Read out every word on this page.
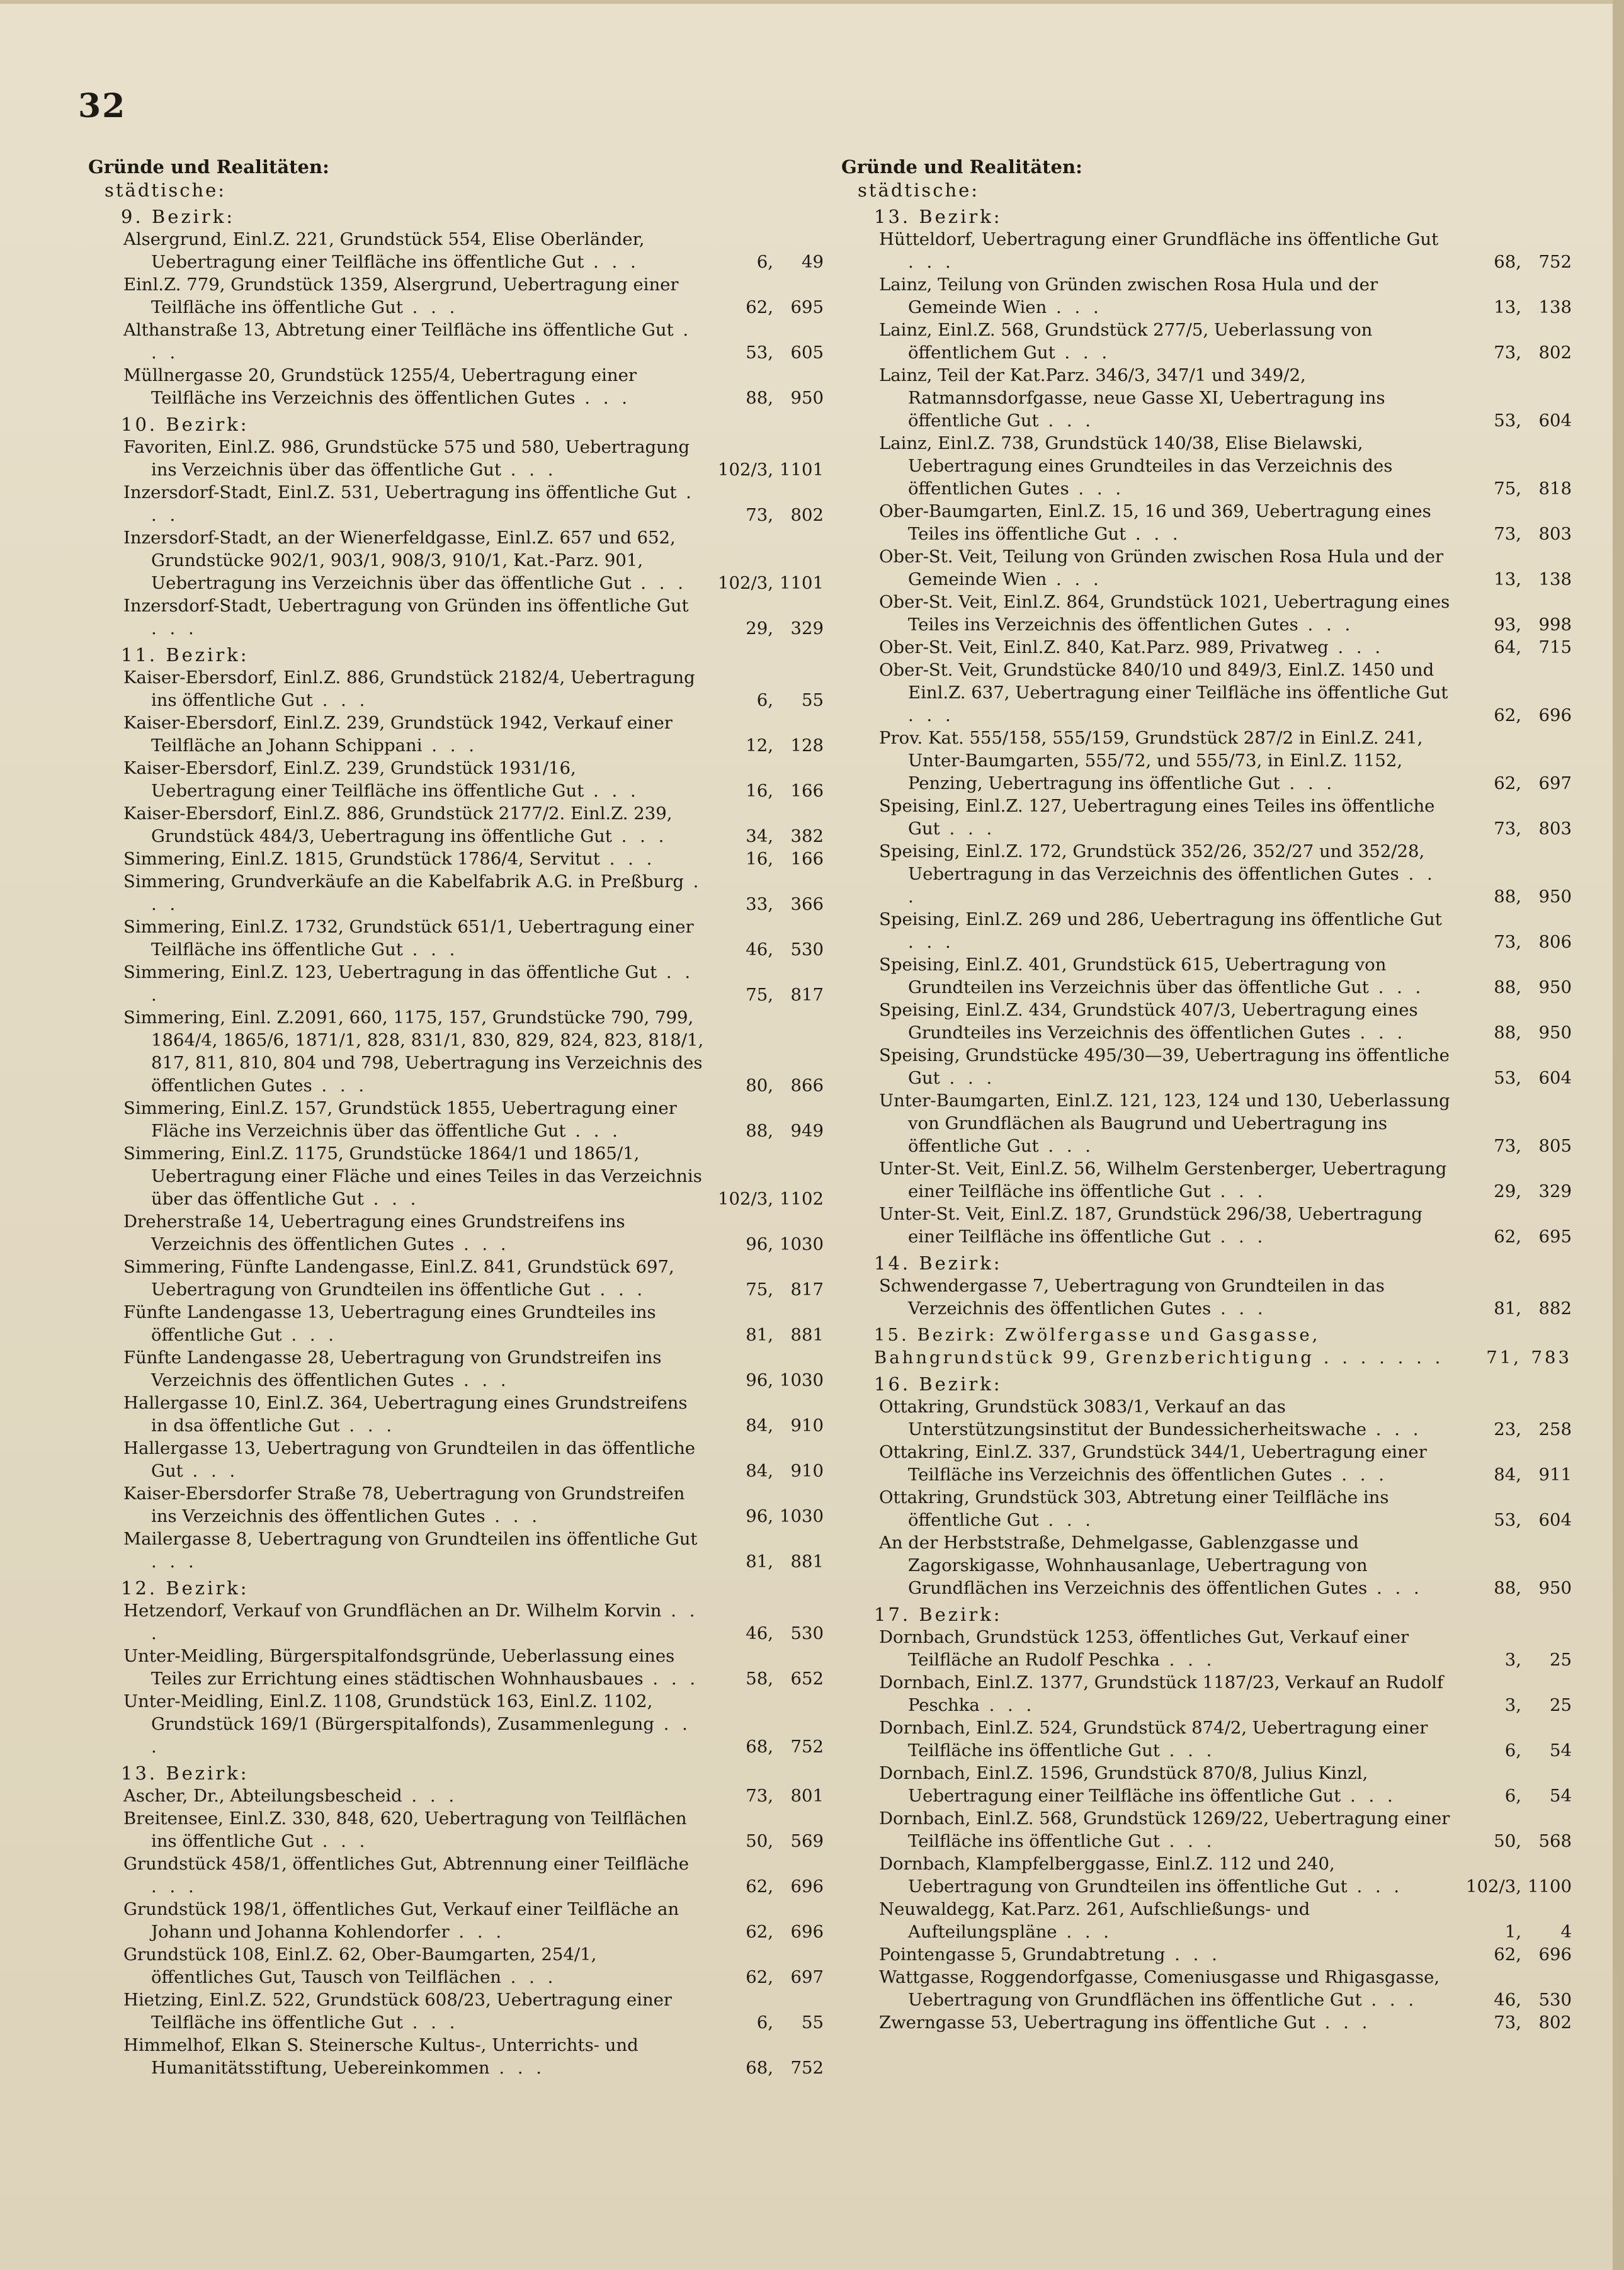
32
Gründe und Realitäten:
städtische:
9. Bezirk:
Alsergrund, Einl.Z. 221, Grundstück 554, Elise Oberländer, Uebertragung einer Teilfläche ins öffentliche Gut . . .	6, 49
Einl.Z. 779, Grundstück 1359, Alsergrund, Uebertragung einer Teilfläche ins öffentliche Gut . . .	62, 695
Althanstraße 13, Abtretung einer Teilfläche ins öffentliche Gut . . .	53, 605
Müllnergasse 20, Grundstück 1255/4, Uebertragung einer Teilfläche ins Verzeichnis des öffentlichen Gutes . . .	88, 950
10. Bezirk:
Favoriten, Einl.Z. 986, Grundstücke 575 und 580, Uebertragung ins Verzeichnis über das öffentliche Gut . . .	102/3, 1101
Inzersdorf-Stadt, Einl.Z. 531, Uebertragung ins öffentliche Gut . . .	73, 802
Inzersdorf-Stadt, an der Wienerfeldgasse, Einl.Z. 657 und 652, Grundstücke 902/1, 903/1, 908/3, 910/1, Kat.-Parz. 901, Uebertragung ins Verzeichnis über das öffentliche Gut . . .	102/3, 1101
Inzersdorf-Stadt, Uebertragung von Gründen ins öffentliche Gut . . .	29, 329
11. Bezirk:
Kaiser-Ebersdorf, Einl.Z. 886, Grundstück 2182/4, Uebertragung ins öffentliche Gut . . .	6, 55
Kaiser-Ebersdorf, Einl.Z. 239, Grundstück 1942, Verkauf einer Teilfläche an Johann Schippani . . .	12, 128
Kaiser-Ebersdorf, Einl.Z. 239, Grundstück 1931/16, Uebertragung einer Teilfläche ins öffentliche Gut . . .	16, 166
Kaiser-Ebersdorf, Einl.Z. 886, Grundstück 2177/2. Einl.Z. 239, Grundstück 484/3, Uebertragung ins öffentliche Gut . . .	34, 382
Simmering, Einl.Z. 1815, Grundstück 1786/4, Servitut . . .	16, 166
Simmering, Grundverkäufe an die Kabelfabrik A.G. in Preßburg . . .	33, 366
Simmering, Einl.Z. 1732, Grundstück 651/1, Uebertragung einer Teilfläche ins öffentliche Gut . . .	46, 530
Simmering, Einl.Z. 123, Uebertragung in das öffentliche Gut . . .	75, 817
Simmering, Einl. Z.2091, 660, 1175, 157, Grundstücke 790, 799, 1864/4, 1865/6, 1871/1, 828, 831/1, 830, 829, 824, 823, 818/1, 817, 811, 810, 804 und 798, Uebertragung ins Verzeichnis des öffentlichen Gutes . . .	80, 866
Simmering, Einl.Z. 157, Grundstück 1855, Uebertragung einer Fläche ins Verzeichnis über das öffentliche Gut . . .	88, 949
Simmering, Einl.Z. 1175, Grundstücke 1864/1 und 1865/1, Uebertragung einer Fläche und eines Teiles in das Verzeichnis über das öffentliche Gut . . .	102/3, 1102
Dreherstraße 14, Uebertragung eines Grundstreifens ins Verzeichnis des öffentlichen Gutes . . .	96, 1030
Simmering, Fünfte Landengasse, Einl.Z. 841, Grundstück 697, Uebertragung von Grundteilen ins öffentliche Gut . . .	75, 817
Fünfte Landengasse 13, Uebertragung eines Grundteiles ins öffentliche Gut . . .	81, 881
Fünfte Landengasse 28, Uebertragung von Grundstreifen ins Verzeichnis des öffentlichen Gutes . . .	96, 1030
Hallergasse 10, Einl.Z. 364, Uebertragung eines Grundstreifens in dsa öffentliche Gut . . .	84, 910
Hallergasse 13, Uebertragung von Grundteilen in das öffentliche Gut . . .	84, 910
Kaiser-Ebersdorfer Straße 78, Uebertragung von Grundstreifen ins Verzeichnis des öffentlichen Gutes . . .	96, 1030
Mailergasse 8, Uebertragung von Grundteilen ins öffentliche Gut . . .	81, 881
12. Bezirk:
Hetzendorf, Verkauf von Grundflächen an Dr. Wilhelm Korvin . . .	46, 530
Unter-Meidling, Bürgerspitalfondsgründe, Ueberlassung eines Teiles zur Errichtung eines städtischen Wohnhausbaues . . .	58, 652
Unter-Meidling, Einl.Z. 1108, Grundstück 163, Einl.Z. 1102, Grundstück 169/1 (Bürgerspitalfonds), Zusammenlegung . . .	68, 752
13. Bezirk:
Ascher, Dr., Abteilungsbescheid . . .	73, 801
Breitensee, Einl.Z. 330, 848, 620, Uebertragung von Teilflächen ins öffentliche Gut . . .	50, 569
Grundstück 458/1, öffentliches Gut, Abtrennung einer Teilfläche . . .	62, 696
Grundstück 198/1, öffentliches Gut, Verkauf einer Teilfläche an Johann und Johanna Kohlendorfer . . .	62, 696
Grundstück 108, Einl.Z. 62, Ober-Baumgarten, 254/1, öffentliches Gut, Tausch von Teilflächen . . .	62, 697
Hietzing, Einl.Z. 522, Grundstück 608/23, Uebertragung einer Teilfläche ins öffentliche Gut . . .	6, 55
Himmelhof, Elkan S. Steinersche Kultus-, Unterrichts- und Humanitätsstiftung, Uebereinkommen . . .	68, 752
Gründe und Realitäten:
städtische:
13. Bezirk:
Hütteldorf, Uebertragung einer Grundfläche ins öffentliche Gut . . .	68, 752
Lainz, Teilung von Gründen zwischen Rosa Hula und der Gemeinde Wien . . .	13, 138
Lainz, Einl.Z. 568, Grundstück 277/5, Ueberlassung von öffentlichem Gut . . .	73, 802
Lainz, Teil der Kat.Parz. 346/3, 347/1 und 349/2, Ratmannsdorfgasse, neue Gasse XI, Uebertragung ins öffentliche Gut . . .	53, 604
Lainz, Einl.Z. 738, Grundstück 140/38, Elise Bielawski, Uebertragung eines Grundteiles in das Verzeichnis des öffentlichen Gutes . . .	75, 818
Ober-Baumgarten, Einl.Z. 15, 16 und 369, Uebertragung eines Teiles ins öffentliche Gut . . .	73, 803
Ober-St. Veit, Teilung von Gründen zwischen Rosa Hula und der Gemeinde Wien . . .	13, 138
Ober-St. Veit, Einl.Z. 864, Grundstück 1021, Uebertragung eines Teiles ins Verzeichnis des öffentlichen Gutes . . .	93, 998
Ober-St. Veit, Einl.Z. 840, Kat.Parz. 989, Privatweg . . .	64, 715
Ober-St. Veit, Grundstücke 840/10 und 849/3, Einl.Z. 1450 und Einl.Z. 637, Uebertragung einer Teilfläche ins öffentliche Gut . . .	62, 696
Prov. Kat. 555/158, 555/159, Grundstück 287/2 in Einl.Z. 241, Unter-Baumgarten, 555/72, und 555/73, in Einl.Z. 1152, Penzing, Uebertragung ins öffentliche Gut . . .	62, 697
Speising, Einl.Z. 127, Uebertragung eines Teiles ins öffentliche Gut . . .	73, 803
Speising, Einl.Z. 172, Grundstück 352/26, 352/27 und 352/28, Uebertragung in das Verzeichnis des öffentlichen Gutes . . .	88, 950
Speising, Einl.Z. 269 und 286, Uebertragung ins öffentliche Gut . . .	73, 806
Speising, Einl.Z. 401, Grundstück 615, Uebertragung von Grundteilen ins Verzeichnis über das öffentliche Gut . . .	88, 950
Speising, Einl.Z. 434, Grundstück 407/3, Uebertragung eines Grundteiles ins Verzeichnis des öffentlichen Gutes . . .	88, 950
Speising, Grundstücke 495/30—39, Uebertragung ins öffentliche Gut . . .	53, 604
Unter-Baumgarten, Einl.Z. 121, 123, 124 und 130, Ueberlassung von Grundflächen als Baugrund und Uebertragung ins öffentliche Gut . . .	73, 805
Unter-St. Veit, Einl.Z. 56, Wilhelm Gerstenberger, Uebertragung einer Teilfläche ins öffentliche Gut . . .	29, 329
Unter-St. Veit, Einl.Z. 187, Grundstück 296/38, Uebertragung einer Teilfläche ins öffentliche Gut . . .	62, 695
14. Bezirk:
Schwendergasse 7, Uebertragung von Grundteilen in das Verzeichnis des öffentlichen Gutes . . .	81, 882
15. Bezirk: Zwölfergasse und Gasgasse, Bahngrundstück 99, Grenzberichtigung . . . . . . .	71, 783
16. Bezirk:
Ottakring, Grundstück 3083/1, Verkauf an das Unterstützungsinstitut der Bundessicherheitswache . . .	23, 258
Ottakring, Einl.Z. 337, Grundstück 344/1, Uebertragung einer Teilfläche ins Verzeichnis des öffentlichen Gutes . . .	84, 911
Ottakring, Grundstück 303, Abtretung einer Teilfläche ins öffentliche Gut . . .	53, 604
An der Herbststraße, Dehmelgasse, Gablenzgasse und Zagorskigasse, Wohnhausanlage, Uebertragung von Grundflächen ins Verzeichnis des öffentlichen Gutes . . .	88, 950
17. Bezirk:
Dornbach, Grundstück 1253, öffentliches Gut, Verkauf einer Teilfläche an Rudolf Peschka . . .	3, 25
Dornbach, Einl.Z. 1377, Grundstück 1187/23, Verkauf an Rudolf Peschka . . .	3, 25
Dornbach, Einl.Z. 524, Grundstück 874/2, Uebertragung einer Teilfläche ins öffentliche Gut . . .	6, 54
Dornbach, Einl.Z. 1596, Grundstück 870/8, Julius Kinzl, Uebertragung einer Teilfläche ins öffentliche Gut . . .	6, 54
Dornbach, Einl.Z. 568, Grundstück 1269/22, Uebertragung einer Teilfläche ins öffentliche Gut . . .	50, 568
Dornbach, Klampfelberggasse, Einl.Z. 112 und 240, Uebertragung von Grundteilen ins öffentliche Gut . . .	102/3, 1100
Neuwaldegg, Kat.Parz. 261, Aufschließungs- und Aufteilungspläne . . .	1, 4
Pointengasse 5, Grundabtretung . . .	62, 696
Wattgasse, Roggendorfgasse, Comeniusgasse und Rhigasgasse, Uebertragung von Grundflächen ins öffentliche Gut . . .	46, 530
Zwerngasse 53, Uebertragung ins öffentliche Gut . . .	73, 802
